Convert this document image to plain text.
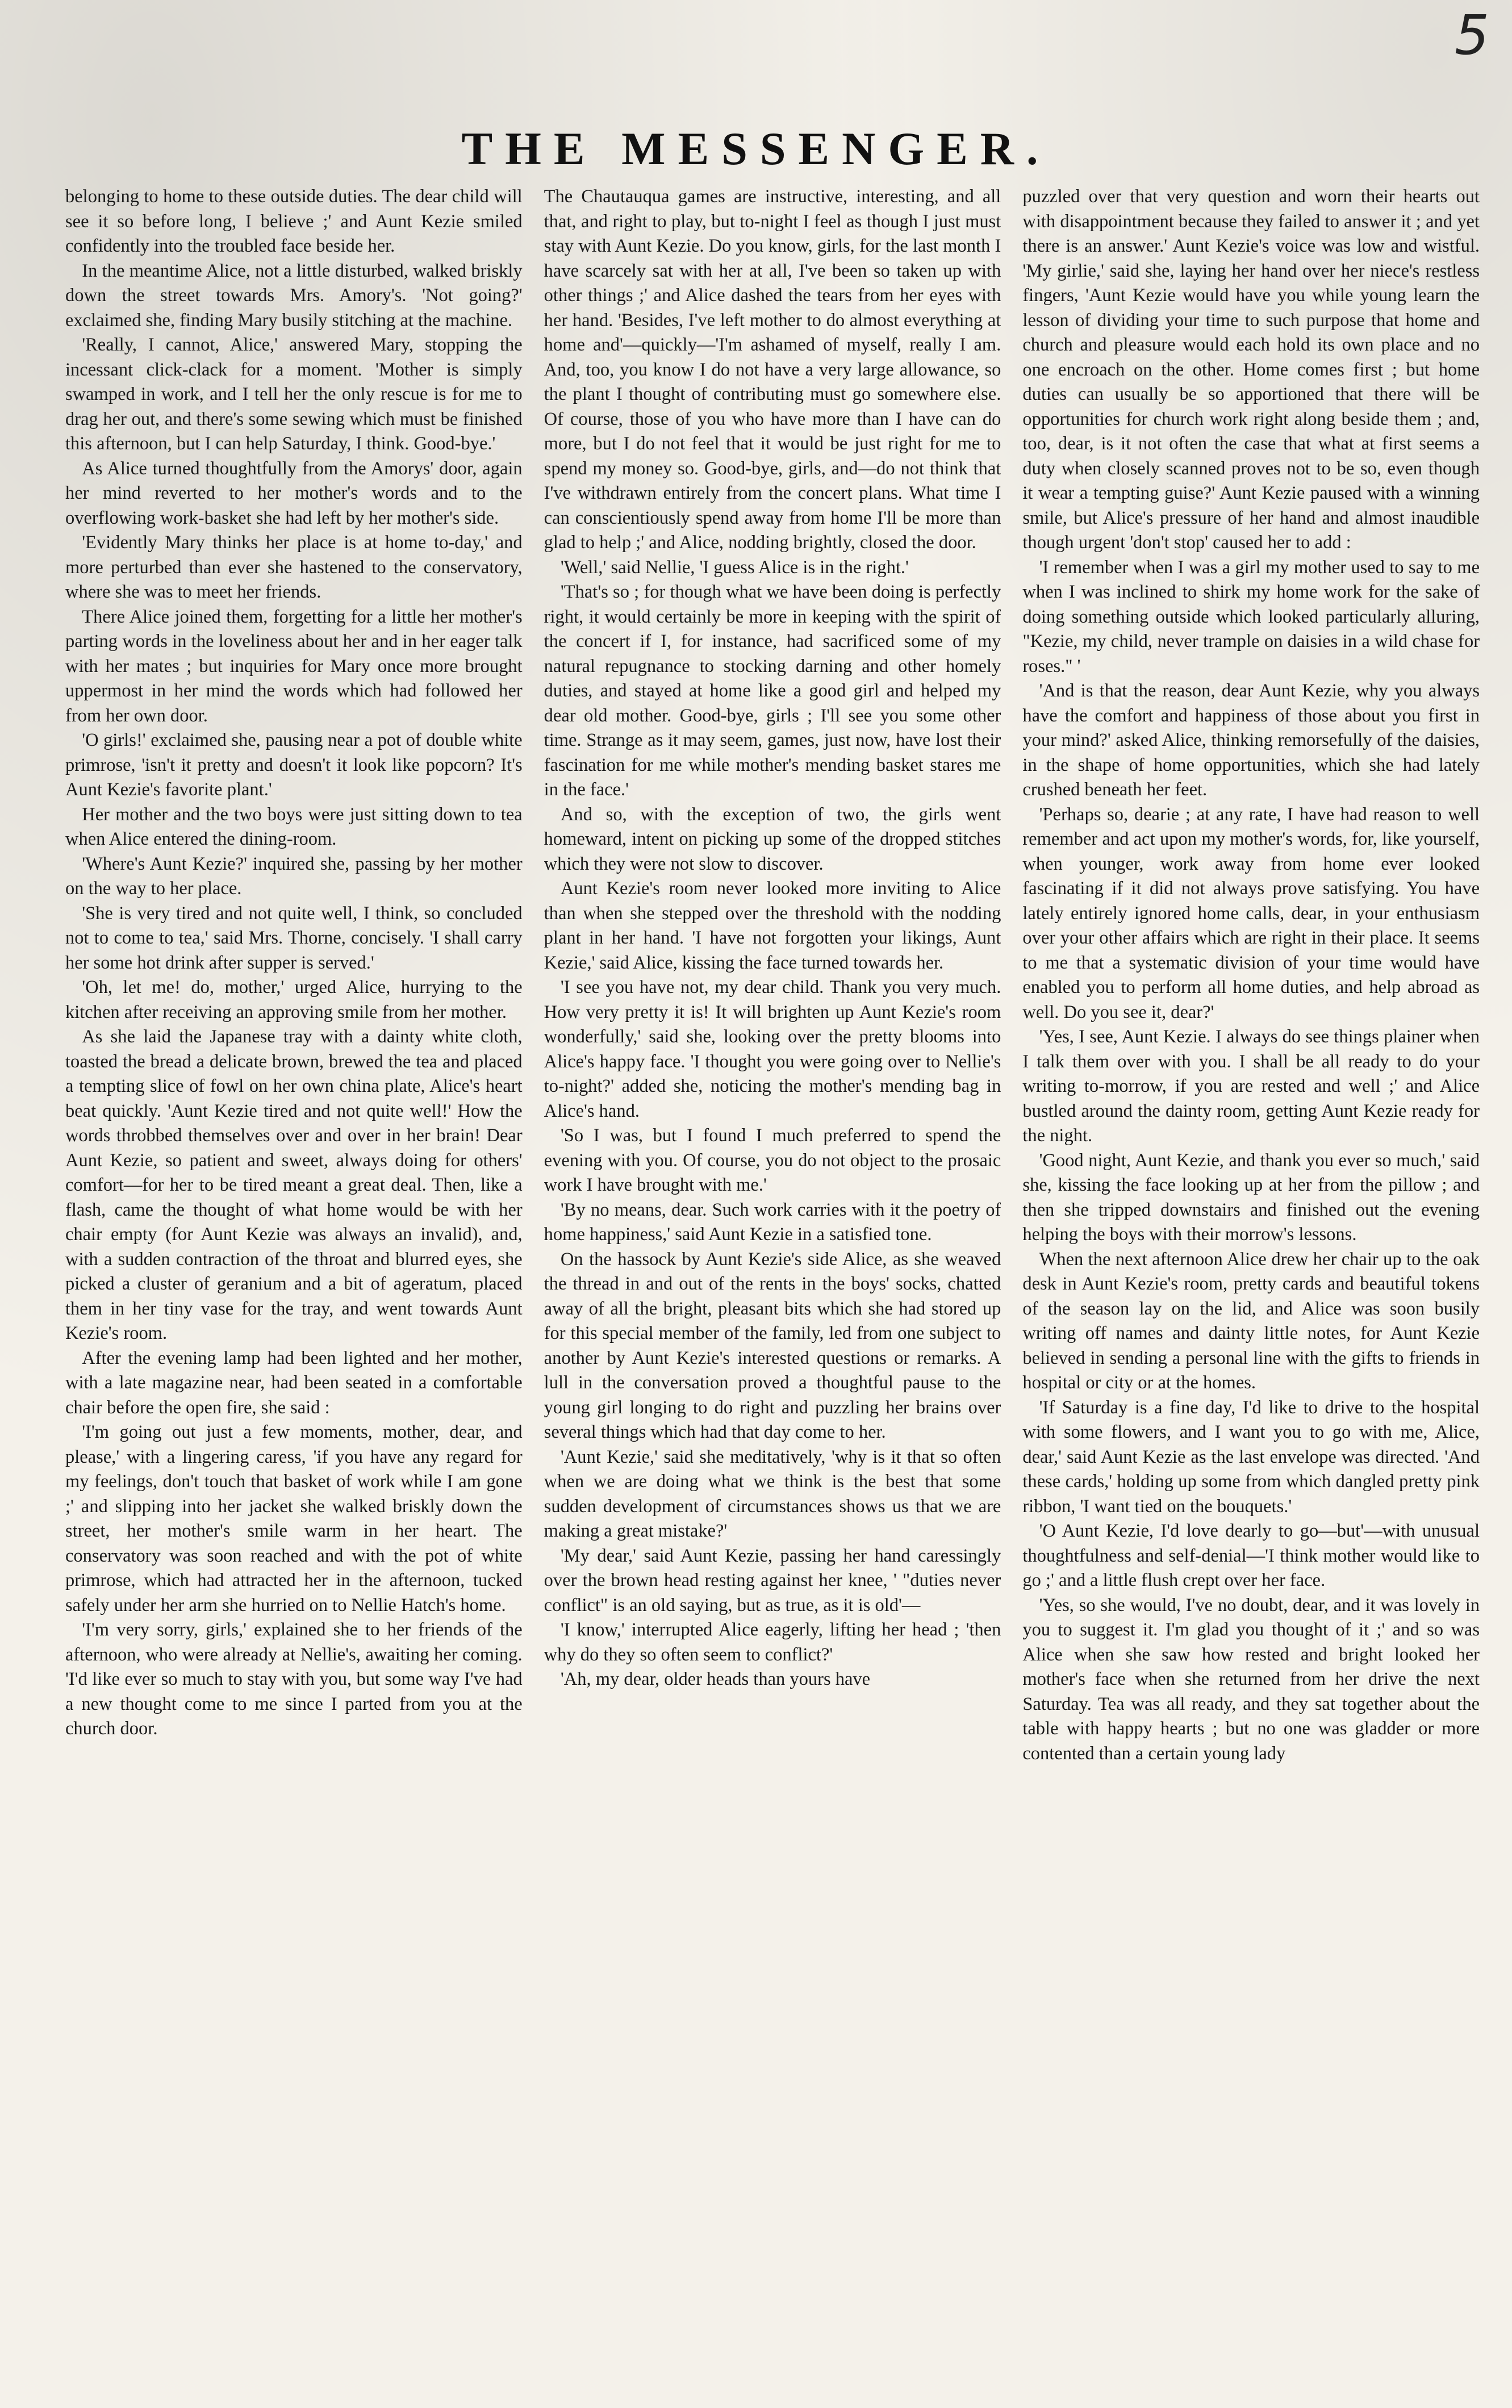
5
THE MESSENGER.

belonging to home to these outside duties. The dear child will see it so before long, I believe ;' and Aunt Kezie smiled confidently into the troubled face beside her.

In the meantime Alice, not a little disturbed, walked briskly down the street towards Mrs. Amory's. 'Not going?' exclaimed she, finding Mary busily stitching at the machine.

'Really, I cannot, Alice,' answered Mary, stopping the incessant click-clack for a moment. 'Mother is simply swamped in work, and I tell her the only rescue is for me to drag her out, and there's some sewing which must be finished this afternoon, but I can help Saturday, I think. Good-bye.'

As Alice turned thoughtfully from the Amorys' door, again her mind reverted to her mother's words and to the overflowing work-basket she had left by her mother's side.

'Evidently Mary thinks her place is at home to-day,' and more perturbed than ever she hastened to the conservatory, where she was to meet her friends.

There Alice joined them, forgetting for a little her mother's parting words in the loveliness about her and in her eager talk with her mates ; but inquiries for Mary once more brought uppermost in her mind the words which had followed her from her own door.

'O girls!' exclaimed she, pausing near a pot of double white primrose, 'isn't it pretty and doesn't it look like popcorn? It's Aunt Kezie's favorite plant.'

Her mother and the two boys were just sitting down to tea when Alice entered the dining-room.

'Where's Aunt Kezie?' inquired she, passing by her mother on the way to her place.

'She is very tired and not quite well, I think, so concluded not to come to tea,' said Mrs. Thorne, concisely. 'I shall carry her some hot drink after supper is served.'

'Oh, let me! do, mother,' urged Alice, hurrying to the kitchen after receiving an approving smile from her mother.

As she laid the Japanese tray with a dainty white cloth, toasted the bread a delicate brown, brewed the tea and placed a tempting slice of fowl on her own china plate, Alice's heart beat quickly. 'Aunt Kezie tired and not quite well!' How the words throbbed themselves over and over in her brain! Dear Aunt Kezie, so patient and sweet, always doing for others' comfort—for her to be tired meant a great deal. Then, like a flash, came the thought of what home would be with her chair empty (for Aunt Kezie was always an invalid), and, with a sudden contraction of the throat and blurred eyes, she picked a cluster of geranium and a bit of ageratum, placed them in her tiny vase for the tray, and went towards Aunt Kezie's room.

After the evening lamp had been lighted and her mother, with a late magazine near, had been seated in a comfortable chair before the open fire, she said :

'I'm going out just a few moments, mother, dear, and please,' with a lingering caress, 'if you have any regard for my feelings, don't touch that basket of work while I am gone ;' and slipping into her jacket she walked briskly down the street, her mother's smile warm in her heart. The conservatory was soon reached and with the pot of white primrose, which had attracted her in the afternoon, tucked safely under her arm she hurried on to Nellie Hatch's home.

'I'm very sorry, girls,' explained she to her friends of the afternoon, who were already at Nellie's, awaiting her coming. 'I'd like ever so much to stay with you, but some way I've had a new thought come to me since I parted from you at the church door.

The Chautauqua games are instructive, interesting, and all that, and right to play, but to-night I feel as though I just must stay with Aunt Kezie. Do you know, girls, for the last month I have scarcely sat with her at all, I've been so taken up with other things ;' and Alice dashed the tears from her eyes with her hand. 'Besides, I've left mother to do almost everything at home and'—quickly—'I'm ashamed of myself, really I am. And, too, you know I do not have a very large allowance, so the plant I thought of contributing must go somewhere else. Of course, those of you who have more than I have can do more, but I do not feel that it would be just right for me to spend my money so. Good-bye, girls, and—do not think that I've withdrawn entirely from the concert plans. What time I can conscientiously spend away from home I'll be more than glad to help ;' and Alice, nodding brightly, closed the door.

'Well,' said Nellie, 'I guess Alice is in the right.'

'That's so ; for though what we have been doing is perfectly right, it would certainly be more in keeping with the spirit of the concert if I, for instance, had sacrificed some of my natural repugnance to stocking darning and other homely duties, and stayed at home like a good girl and helped my dear old mother. Good-bye, girls ; I'll see you some other time. Strange as it may seem, games, just now, have lost their fascination for me while mother's mending basket stares me in the face.'

And so, with the exception of two, the girls went homeward, intent on picking up some of the dropped stitches which they were not slow to discover.

Aunt Kezie's room never looked more inviting to Alice than when she stepped over the threshold with the nodding plant in her hand. 'I have not forgotten your likings, Aunt Kezie,' said Alice, kissing the face turned towards her.

'I see you have not, my dear child. Thank you very much. How very pretty it is! It will brighten up Aunt Kezie's room wonderfully,' said she, looking over the pretty blooms into Alice's happy face. 'I thought you were going over to Nellie's to-night?' added she, noticing the mother's mending bag in Alice's hand.

'So I was, but I found I much preferred to spend the evening with you. Of course, you do not object to the prosaic work I have brought with me.'

'By no means, dear. Such work carries with it the poetry of home happiness,' said Aunt Kezie in a satisfied tone.

On the hassock by Aunt Kezie's side Alice, as she weaved the thread in and out of the rents in the boys' socks, chatted away of all the bright, pleasant bits which she had stored up for this special member of the family, led from one subject to another by Aunt Kezie's interested questions or remarks. A lull in the conversation proved a thoughtful pause to the young girl longing to do right and puzzling her brains over several things which had that day come to her.

'Aunt Kezie,' said she meditatively, 'why is it that so often when we are doing what we think is the best that some sudden development of circumstances shows us that we are making a great mistake?'

'My dear,' said Aunt Kezie, passing her hand caressingly over the brown head resting against her knee, ' "duties never conflict" is an old saying, but as true, as it is old'—

'I know,' interrupted Alice eagerly, lifting her head ; 'then why do they so often seem to conflict?'

'Ah, my dear, older heads than yours have

puzzled over that very question and worn their hearts out with disappointment because they failed to answer it ; and yet there is an answer.' Aunt Kezie's voice was low and wistful. 'My girlie,' said she, laying her hand over her niece's restless fingers, 'Aunt Kezie would have you while young learn the lesson of dividing your time to such purpose that home and church and pleasure would each hold its own place and no one encroach on the other. Home comes first ; but home duties can usually be so apportioned that there will be opportunities for church work right along beside them ; and, too, dear, is it not often the case that what at first seems a duty when closely scanned proves not to be so, even though it wear a tempting guise?' Aunt Kezie paused with a winning smile, but Alice's pressure of her hand and almost inaudible though urgent 'don't stop' caused her to add :

'I remember when I was a girl my mother used to say to me when I was inclined to shirk my home work for the sake of doing something outside which looked particularly alluring, "Kezie, my child, never trample on daisies in a wild chase for roses." '

'And is that the reason, dear Aunt Kezie, why you always have the comfort and happiness of those about you first in your mind?' asked Alice, thinking remorsefully of the daisies, in the shape of home opportunities, which she had lately crushed beneath her feet.

'Perhaps so, dearie ; at any rate, I have had reason to well remember and act upon my mother's words, for, like yourself, when younger, work away from home ever looked fascinating if it did not always prove satisfying. You have lately entirely ignored home calls, dear, in your enthusiasm over your other affairs which are right in their place. It seems to me that a systematic division of your time would have enabled you to perform all home duties, and help abroad as well. Do you see it, dear?'

'Yes, I see, Aunt Kezie. I always do see things plainer when I talk them over with you. I shall be all ready to do your writing to-morrow, if you are rested and well ;' and Alice bustled around the dainty room, getting Aunt Kezie ready for the night.

'Good night, Aunt Kezie, and thank you ever so much,' said she, kissing the face looking up at her from the pillow ; and then she tripped downstairs and finished out the evening helping the boys with their morrow's lessons.

When the next afternoon Alice drew her chair up to the oak desk in Aunt Kezie's room, pretty cards and beautiful tokens of the season lay on the lid, and Alice was soon busily writing off names and dainty little notes, for Aunt Kezie believed in sending a personal line with the gifts to friends in hospital or city or at the homes.

'If Saturday is a fine day, I'd like to drive to the hospital with some flowers, and I want you to go with me, Alice, dear,' said Aunt Kezie as the last envelope was directed. 'And these cards,' holding up some from which dangled pretty pink ribbon, 'I want tied on the bouquets.'

'O Aunt Kezie, I'd love dearly to go—but'—with unusual thoughtfulness and self-denial—'I think mother would like to go ;' and a little flush crept over her face.

'Yes, so she would, I've no doubt, dear, and it was lovely in you to suggest it. I'm glad you thought of it ;' and so was Alice when she saw how rested and bright looked her mother's face when she returned from her drive the next Saturday. Tea was all ready, and they sat together about the table with happy hearts ; but no one was gladder or more contented than a certain young lady
